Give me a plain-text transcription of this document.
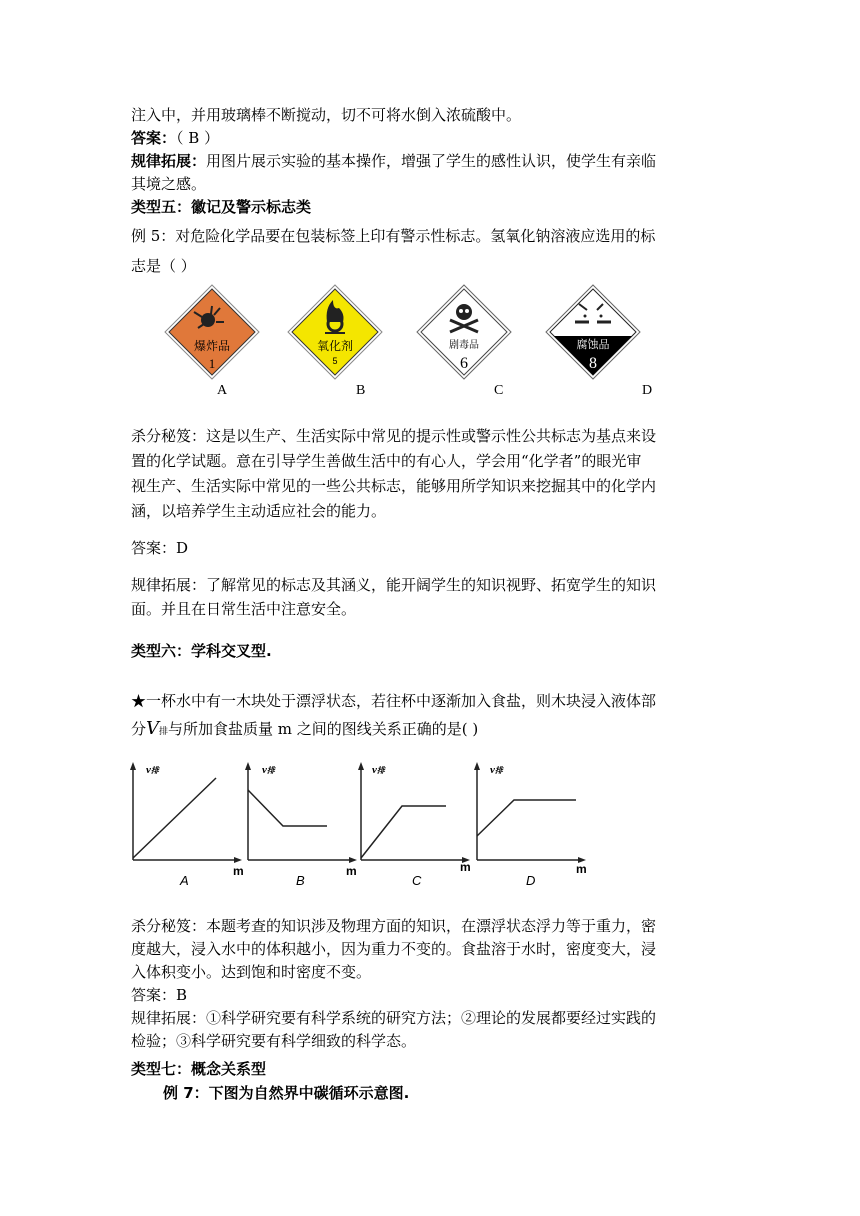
注入中，并用玻璃棒不断搅动，切不可将水倒入浓硫酸中。
答案：（ B ）
规律拓展：用图片展示实验的基本操作，增强了学生的感性认识，使学生有亲临
其境之感。
类型五：徽记及警示标志类
例 5：对危险化学品要在包装标签上印有警示性标志。氢氧化钠溶液应选用的标
志是（ ）
爆炸品
1
氧化剂
5
剧毒品
6
腐蚀品
8
A	B	C	D
杀分秘笈：这是以生产、生活实际中常见的提示性或警示性公共标志为基点来设
置的化学试题。意在引导学生善做生活中的有心人，学会用“化学者”的眼光审
视生产、生活实际中常见的一些公共标志，能够用所学知识来挖掘其中的化学内
涵，以培养学生主动适应社会的能力。
答案：D
规律拓展：了解常见的标志及其涵义，能开阔学生的知识视野、拓宽学生的知识
面。并且在日常生活中注意安全。
类型六：学科交叉型.
★一杯水中有一木块处于漂浮状态，若往杯中逐渐加入食盐，则木块浸入液体部
分V排与所加食盐质量 m 之间的图线关系正确的是( )
v排	v排	v排	v排
m	m	m	m
A	B	C	D
杀分秘笈：本题考查的知识涉及物理方面的知识，在漂浮状态浮力等于重力，密
度越大，浸入水中的体积越小，因为重力不变的。食盐溶于水时，密度变大，浸
入体积变小。达到饱和时密度不变。
答案：B
规律拓展：①科学研究要有科学系统的研究方法；②理论的发展都要经过实践的
检验；③科学研究要有科学细致的科学态。
类型七：概念关系型
例 7：下图为自然界中碳循环示意图.
